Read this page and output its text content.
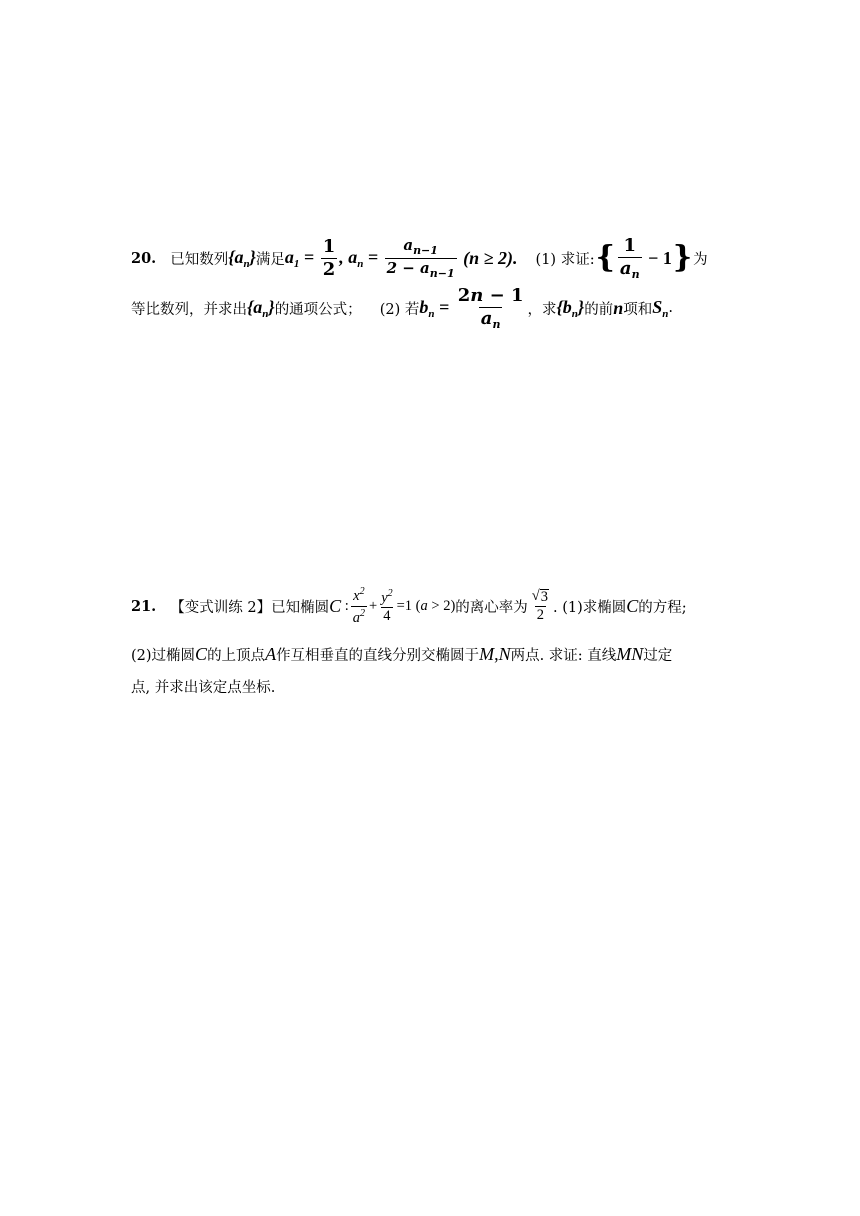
20. 已知数列 $\{a_n\}$ 满足 $a_1 = \frac{1}{2}$ , $a_n = \frac{a_{n-1}}{2 - a_{n-1}} (n \ge 2)$. (1) 求证: { $\frac{1}{a_n} - 1$ } 为
等比数列，并求出 $\{a_n\}$ 的通项公式； (2) 若 $b_n = \frac{2n - 1}{a_n}$ ，求 $\{b_n\}$ 的前 n 项和 $S_n$ .
21. 【变式训练 2】已知椭圆 C : $\frac{x^2}{a^2} + \frac{y^2}{4} =1$ (a > 2) 的离心率为 $\frac{√ 3}{2}$ . (1)求椭圆 C 的方程;
(2)过椭圆 C 的上顶点 A 作互相垂直的直线分别交椭圆于 M , N 两点. 求证: 直线 MN 过定
点, 并求出该定点坐标.
